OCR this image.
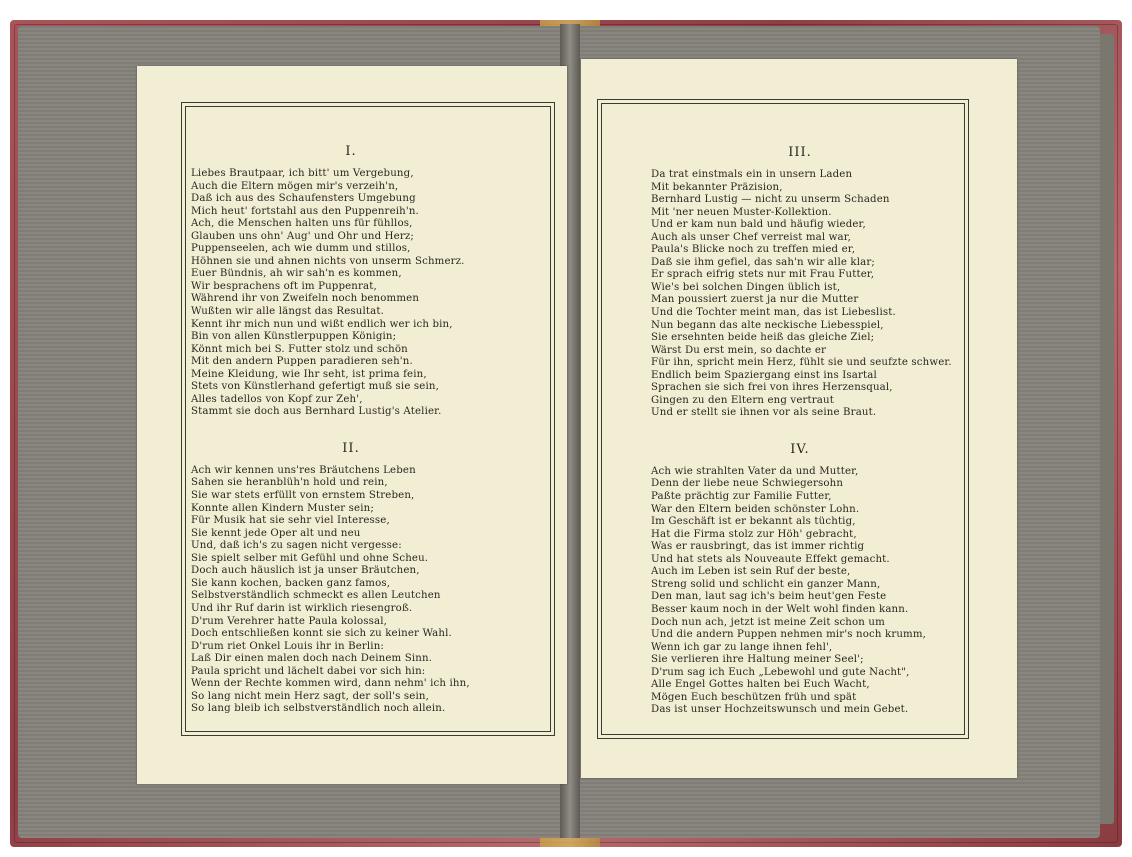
I.
Liebes Brautpaar, ich bitt' um Vergebung,
Auch die Eltern mögen mir's verzeih'n,
Daß ich aus des Schaufensters Umgebung
Mich heut' fortstahl aus den Puppenreih'n.
Ach, die Menschen halten uns für fühllos,
Glauben uns ohn' Aug' und Ohr und Herz;
Puppenseelen, ach wie dumm und stillos,
Höhnen sie und ahnen nichts von unserm Schmerz.
Euer Bündnis, ah wir sah'n es kommen,
Wir besprachens oft im Puppenrat,
Während ihr von Zweifeln noch benommen
Wußten wir alle längst das Resultat.
Kennt ihr mich nun und wißt endlich wer ich bin,
Bin von allen Künstlerpuppen Königin;
Könnt mich bei S. Futter stolz und schön
Mit den andern Puppen paradieren seh'n.
Meine Kleidung, wie Ihr seht, ist prima fein,
Stets von Künstlerhand gefertigt muß sie sein,
Alles tadellos von Kopf zur Zeh',
Stammt sie doch aus Bernhard Lustig's Atelier.
II.
Ach wir kennen uns'res Bräutchens Leben
Sahen sie heranblüh'n hold und rein,
Sie war stets erfüllt von ernstem Streben,
Konnte allen Kindern Muster sein;
Für Musik hat sie sehr viel Interesse,
Sie kennt jede Oper alt und neu
Und, daß ich's zu sagen nicht vergesse:
Sie spielt selber mit Gefühl und ohne Scheu.
Doch auch häuslich ist ja unser Bräutchen,
Sie kann kochen, backen ganz famos,
Selbstverständlich schmeckt es allen Leutchen
Und ihr Ruf darin ist wirklich riesengroß.
D'rum Verehrer hatte Paula kolossal,
Doch entschließen konnt sie sich zu keiner Wahl.
D'rum riet Onkel Louis ihr in Berlin:
Laß Dir einen malen doch nach Deinem Sinn.
Paula spricht und lächelt dabei vor sich hin:
Wenn der Rechte kommen wird, dann nehm' ich ihn,
So lang nicht mein Herz sagt, der soll's sein,
So lang bleib ich selbstverständlich noch allein.
III.
Da trat einstmals ein in unsern Laden
Mit bekannter Präzision,
Bernhard Lustig — nicht zu unserm Schaden
Mit 'ner neuen Muster-Kollektion.
Und er kam nun bald und häufig wieder,
Auch als unser Chef verreist mal war,
Paula's Blicke noch zu treffen mied er,
Daß sie ihm gefiel, das sah'n wir alle klar;
Er sprach eifrig stets nur mit Frau Futter,
Wie's bei solchen Dingen üblich ist,
Man poussiert zuerst ja nur die Mutter
Und die Tochter meint man, das ist Liebeslist.
Nun begann das alte neckische Liebesspiel,
Sie ersehnten beide heiß das gleiche Ziel;
Wärst Du erst mein, so dachte er
Für ihn, spricht mein Herz, fühlt sie und seufzte schwer.
Endlich beim Spaziergang einst ins Isartal
Sprachen sie sich frei von ihres Herzensqual,
Gingen zu den Eltern eng vertraut
Und er stellt sie ihnen vor als seine Braut.
IV.
Ach wie strahlten Vater da und Mutter,
Denn der liebe neue Schwiegersohn
Paßte prächtig zur Familie Futter,
War den Eltern beiden schönster Lohn.
Im Geschäft ist er bekannt als tüchtig,
Hat die Firma stolz zur Höh' gebracht,
Was er rausbringt, das ist immer richtig
Und hat stets als Nouveaute Effekt gemacht.
Auch im Leben ist sein Ruf der beste,
Streng solid und schlicht ein ganzer Mann,
Den man, laut sag ich's beim heut'gen Feste
Besser kaum noch in der Welt wohl finden kann.
Doch nun ach, jetzt ist meine Zeit schon um
Und die andern Puppen nehmen mir's noch krumm,
Wenn ich gar zu lange ihnen fehl',
Sie verlieren ihre Haltung meiner Seel';
D'rum sag ich Euch „Lebewohl und gute Nacht",
Alle Engel Gottes halten bei Euch Wacht,
Mögen Euch beschützen früh und spät
Das ist unser Hochzeitswunsch und mein Gebet.
